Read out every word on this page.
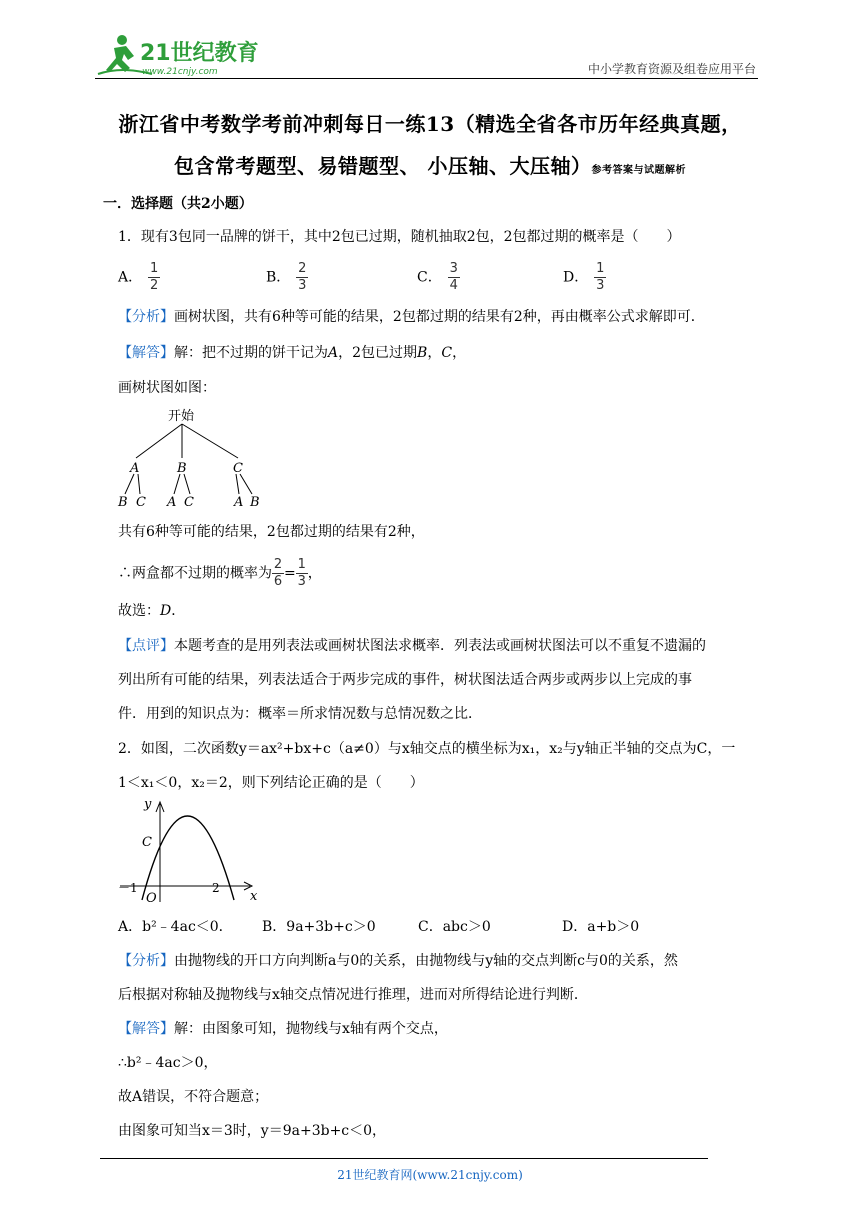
21世纪教育
www.21cnjy.com	中小学教育资源及组卷应用平台
浙江省中考数学考前冲刺每日一练13（精选全省各市历年经典真题，
包含常考题型、易错题型、 小压轴、大压轴）参考答案与试题解析
一．选择题（共2小题）
1．现有3包同一品牌的饼干，其中2包已过期，随机抽取2包，2包都过期的概率是（　　）
A． $\frac{1}{2}$	B． $\frac{2}{3}$	C． $\frac{3}{4}$	D． $\frac{1}{3}$
【分析】画树状图，共有6种等可能的结果，2包都过期的结果有2种，再由概率公式求解即可．
【解答】解：把不过期的饼干记为A，2包已过期B，C，
画树状图如图：
开始
A	B	C
B C A C	A B
共有6种等可能的结果，2包都过期的结果有2种，
∴两盒都不过期的概率为 $\frac{2}{6} = \frac{1}{3}$ ，
故选：D．
【点评】本题考查的是用列表法或画树状图法求概率．列表法或画树状图法可以不重复不遗漏的
列出所有可能的结果，列表法适合于两步完成的事件，树状图法适合两步或两步以上完成的事
件．用到的知识点为：概率＝所求情况数与总情况数之比．
2．如图，二次函数y＝ax²+bx+c（a≠0）与x轴交点的横坐标为x₁，x₂与y轴正半轴的交点为C，一
1＜x₁＜0，x₂＝2，则下列结论正确的是（　　）
y
x
C
O
－1	2
A．b²﹣4ac＜0． B．9a+3b+c＞0	C．abc＞0	D．a+b＞0
【分析】由抛物线的开口方向判断a与0的关系，由抛物线与y轴的交点判断c与0的关系，然
后根据对称轴及抛物线与x轴交点情况进行推理，进而对所得结论进行判断．
【解答】解：由图象可知，抛物线与x轴有两个交点，
∴b²﹣4ac＞0，
故A错误，不符合题意；
由图象可知当x＝3时，y＝9a+3b+c＜0，
21世纪教育网(www.21cnjy.com)
